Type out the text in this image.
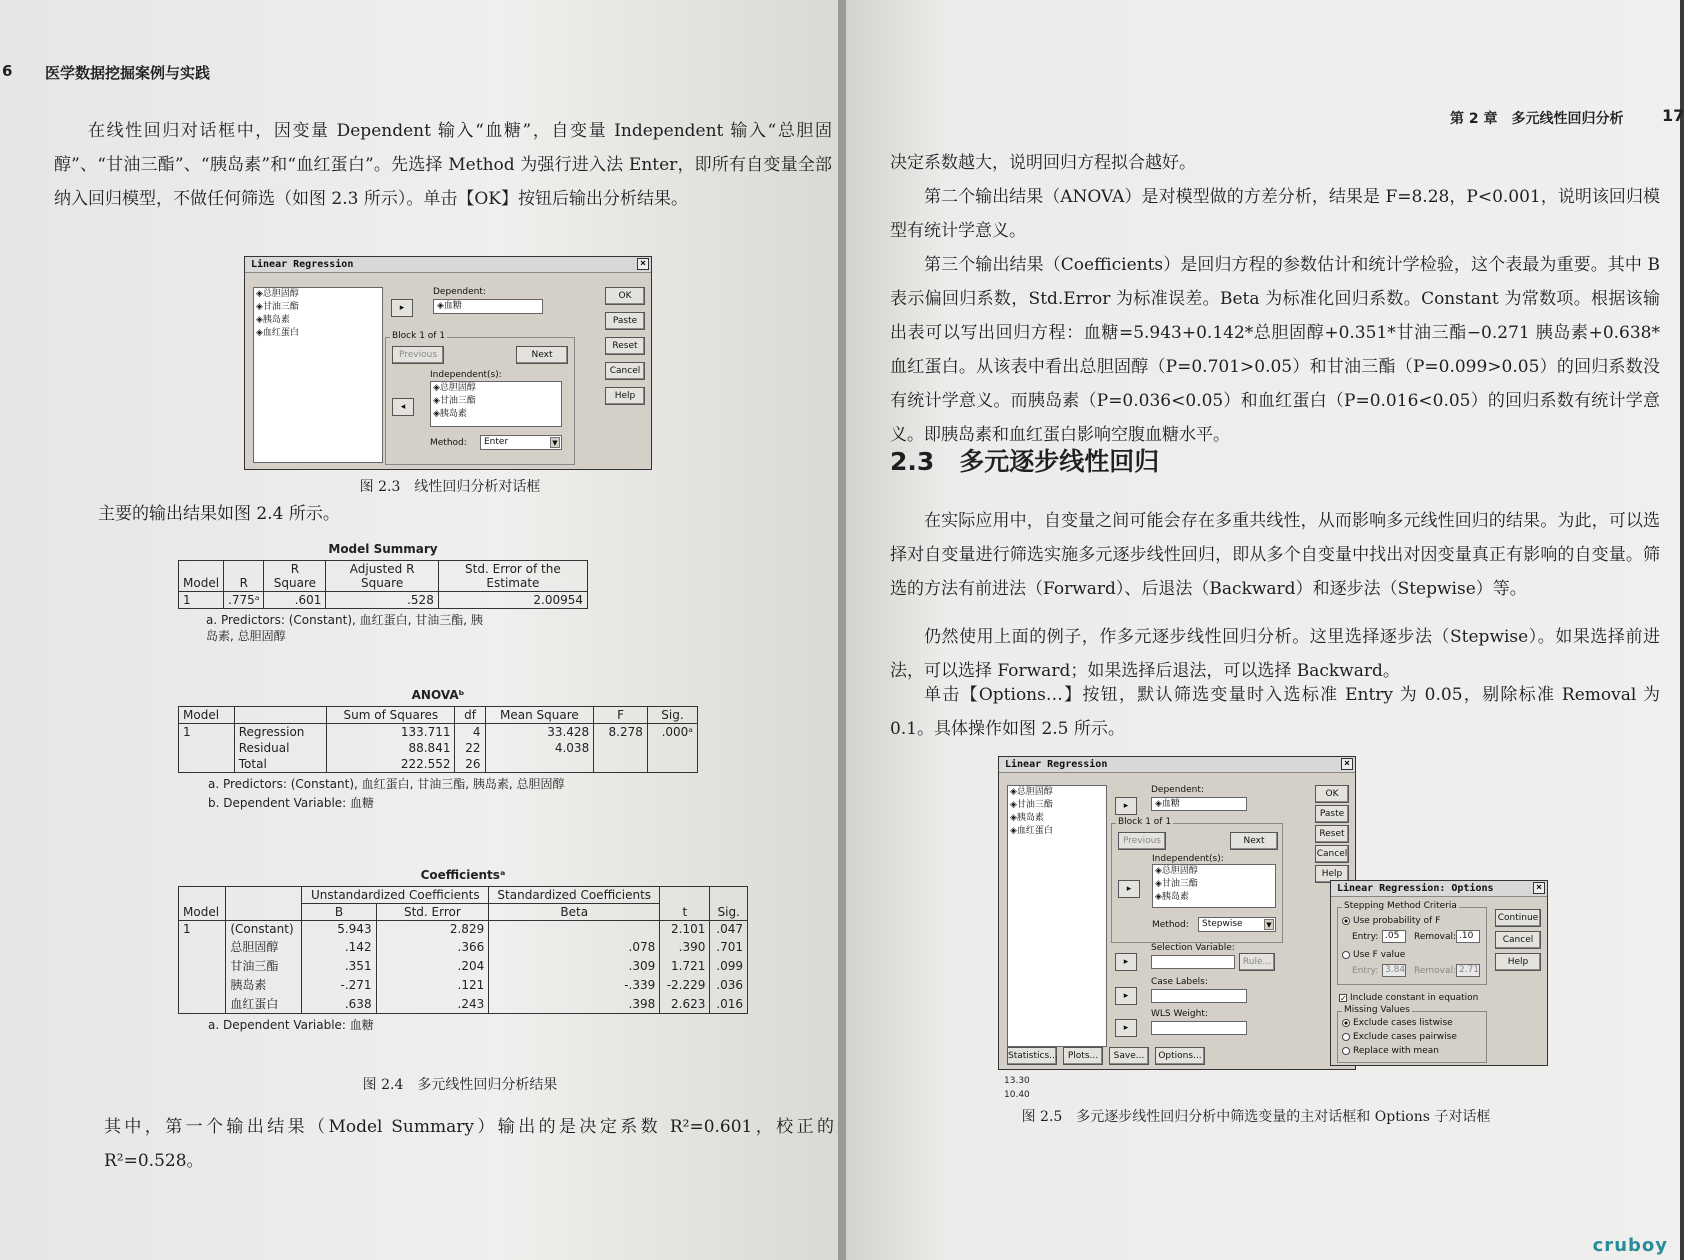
6 医学数据挖掘案例与实践
在线性回归对话框中，因变量 Dependent 输入“血糖”，自变量 Independent 输入“总胆固醇”、“甘油三酯”、“胰岛素”和“血红蛋白”。先选择 Method 为强行进入法 Enter，即所有自变量全部纳入回归模型，不做任何筛选（如图 2.3 所示）。单击【OK】按钮后输出分析结果。
Linear Regression	×
◈总胆固醇
◈甘油三酯
◈胰岛素
◈血红蛋白
▸
Dependent:
◈血糖
Block 1 of 1
Previous	Next
◂
Independent(s):
◈总胆固醇
◈甘油三酯
◈胰岛素
Method:	Enter	▼
OK
Paste
Reset
Cancel
Help
图 2.3　线性回归分析对话框
主要的输出结果如图 2.4 所示。
Model Summary
Model	R	R Square	Adjusted R Square	Std. Error of the Estimate
1	.775ᵃ	.601	.528	2.00954
a. Predictors: (Constant), 血红蛋白, 甘油三酯, 胰岛素, 总胆固醇
ANOVAᵇ
Model		Sum of Squares	df	Mean Square	F	Sig.
1	Regression	133.711	4	33.428	8.278	.000ᵃ
	Residual	88.841	22	4.038		
	Total	222.552	26			
a. Predictors: (Constant), 血红蛋白, 甘油三酯, 胰岛素, 总胆固醇
b. Dependent Variable: 血糖
Coefficientsᵃ
Model		Unstandardized Coefficients		Standardized Coefficients	t	Sig.
		B	Std. Error	Beta		
1	(Constant)	5.943	2.829		2.101	.047
	总胆固醇	.142	.366	.078	.390	.701
	甘油三酯	.351	.204	.309	1.721	.099
	胰岛素	-.271	.121	-.339	-2.229	.036
	血红蛋白	.638	.243	.398	2.623	.016
a. Dependent Variable: 血糖
图 2.4　多元线性回归分析结果
其中，第一个输出结果（Model Summary）输出的是决定系数 R²=0.601，校正的 R²=0.528。
第 2 章　多元线性回归分析 17
决定系数越大，说明回归方程拟合越好。
第二个输出结果（ANOVA）是对模型做的方差分析，结果是 F=8.28，P<0.001，说明该回归模型有统计学意义。
第三个输出结果（Coefficients）是回归方程的参数估计和统计学检验，这个表最为重要。其中 B 表示偏回归系数，Std.Error 为标准误差。Beta 为标准化回归系数。Constant 为常数项。根据该输出表可以写出回归方程：血糖=5.943+0.142*总胆固醇+0.351*甘油三酯−0.271 胰岛素+0.638*血红蛋白。从该表中看出总胆固醇（P=0.701>0.05）和甘油三酯（P=0.099>0.05）的回归系数没有统计学意义。而胰岛素（P=0.036<0.05）和血红蛋白（P=0.016<0.05）的回归系数有统计学意义。即胰岛素和血红蛋白影响空腹血糖水平。
2.3　多元逐步线性回归
在实际应用中，自变量之间可能会存在多重共线性，从而影响多元线性回归的结果。为此，可以选择对自变量进行筛选实施多元逐步线性回归，即从多个自变量中找出对因变量真正有影响的自变量。筛选的方法有前进法（Forward）、后退法（Backward）和逐步法（Stepwise）等。
仍然使用上面的例子，作多元逐步线性回归分析。这里选择逐步法（Stepwise）。如果选择前进法，可以选择 Forward；如果选择后退法，可以选择 Backward。
单击【Options…】按钮，默认筛选变量时入选标准 Entry 为 0.05，剔除标准 Removal 为 0.1。具体操作如图 2.5 所示。
Linear Regression	×
◈总胆固醇
◈甘油三酯
◈胰岛素
◈血红蛋白
▸
Dependent:
◈血糖
Block 1 of 1
Previous	Next
▸
Independent(s):
◈总胆固醇
◈甘油三酯
◈胰岛素
Method:	Stepwise	▼
▸
Selection Variable:
Rule...
▸
Case Labels:
▸
WLS Weight:
OK
Paste
Reset
Cancel
Help
Statistics...	Plots...	Save...	Options...
13.30
10.40
Linear Regression: Options	×
Stepping Method Criteria
Use probability of F
Entry: .05	Removal: .10
Use F value
Entry: 3.84 Removal: 2.71
✓ Include constant in equation
Missing Values
Exclude cases listwise
Exclude cases pairwise
Replace with mean
Continue
Cancel
Help
图 2.5　多元逐步线性回归分析中筛选变量的主对话框和 Options 子对话框
cruboy
